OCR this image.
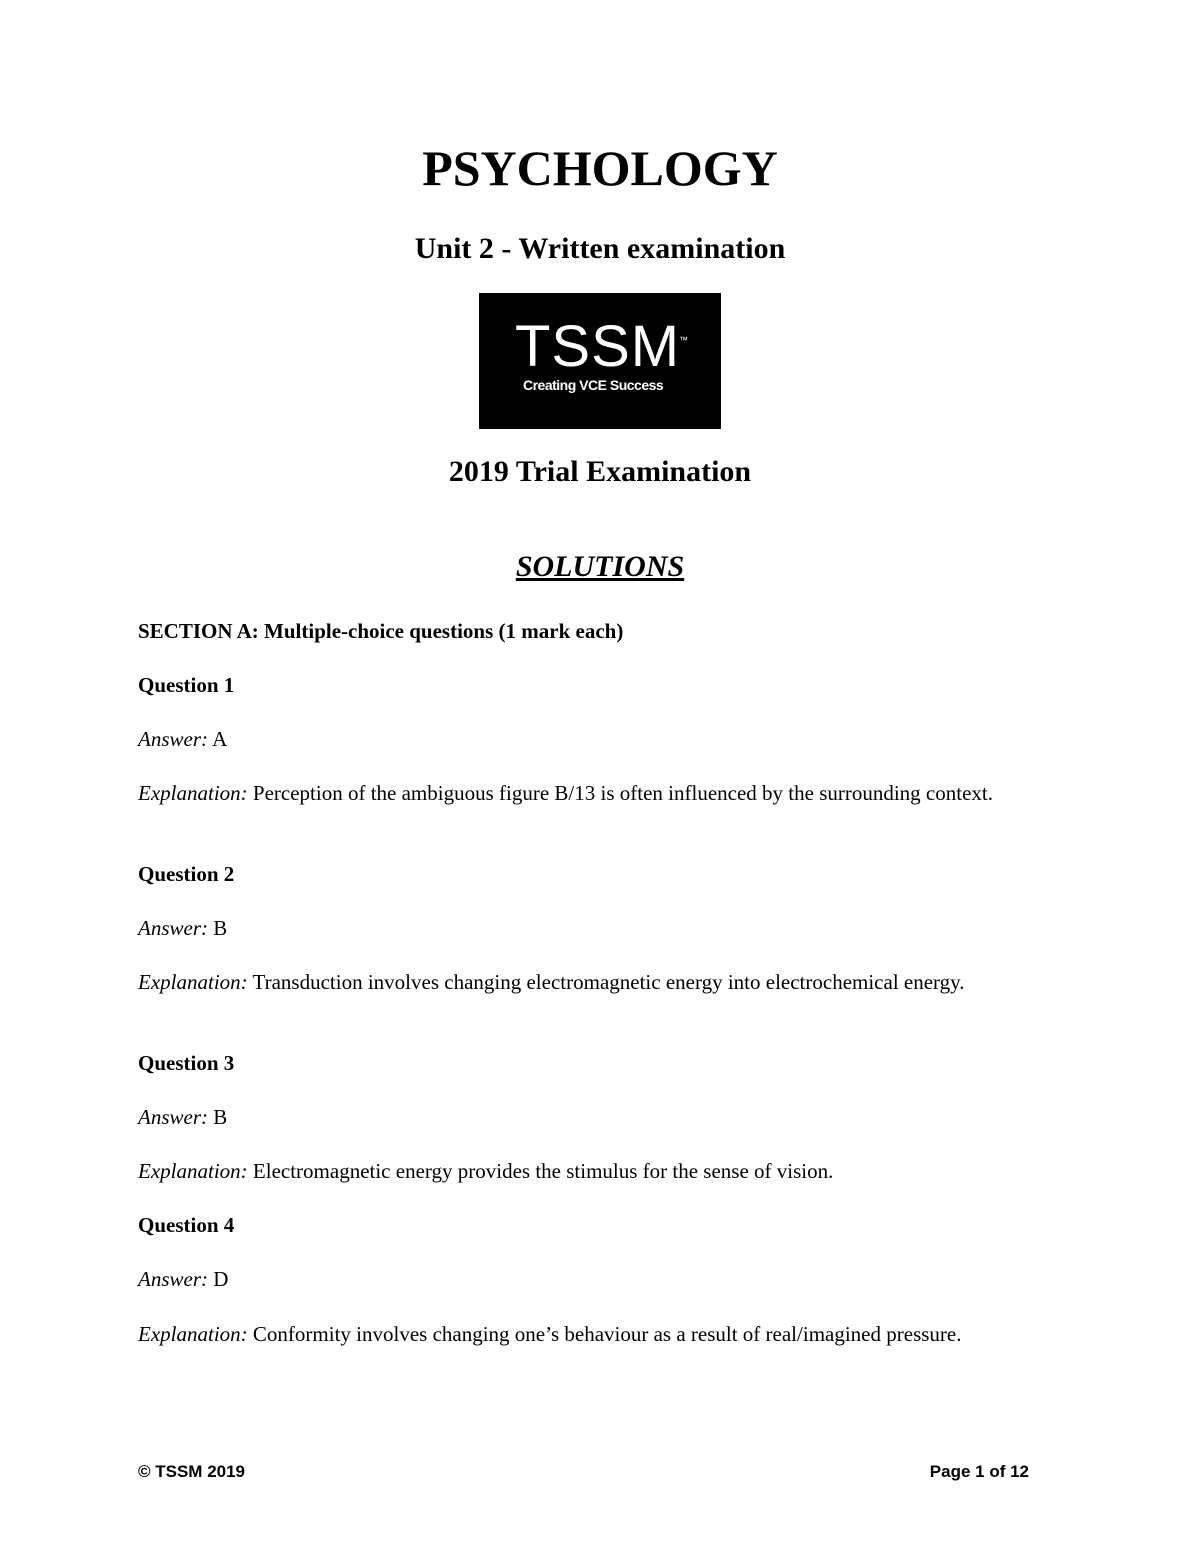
PSYCHOLOGY
Unit 2 - Written examination
TSSM
™
Creating VCE Success
2019 Trial Examination
SOLUTIONS

SECTION A: Multiple-choice questions (1 mark each)

Question 1

Answer: A

Explanation: Perception of the ambiguous figure B/13 is often influenced by the surrounding context.

Question 2

Answer: B

Explanation: Transduction involves changing electromagnetic energy into electrochemical energy.

Question 3

Answer: B

Explanation: Electromagnetic energy provides the stimulus for the sense of vision.

Question 4

Answer: D

Explanation: Conformity involves changing one’s behaviour as a result of real/imagined pressure.

© TSSM 2019	Page 1 of 12
